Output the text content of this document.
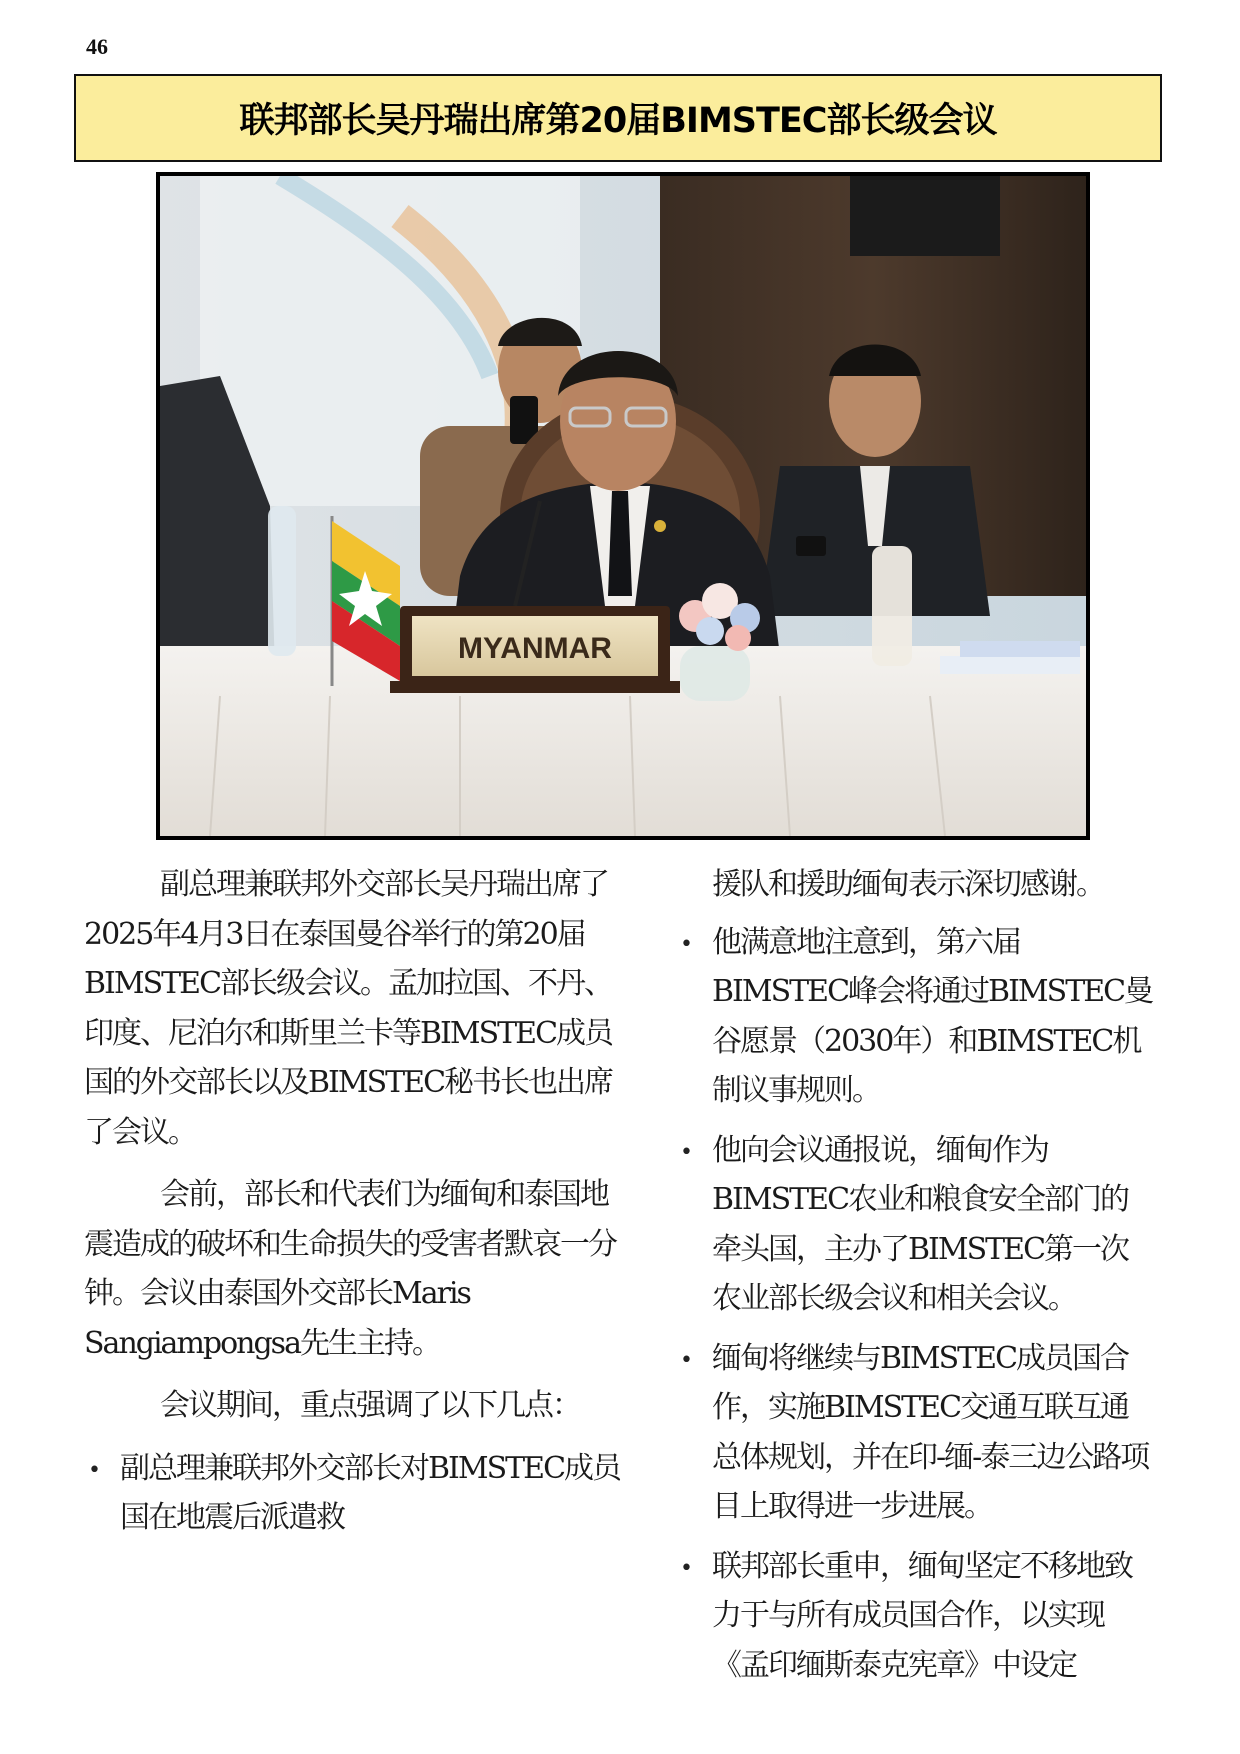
46
联邦部长吴丹瑞出席第20届BIMSTEC部长级会议
MYANMAR

副总理兼联邦外交部长吴丹瑞出席了2025年4月3日在泰国曼谷举行的第20届BIMSTEC部长级会议。孟加拉国、不丹、印度、尼泊尔和斯里兰卡等BIMSTEC成员国的外交部长以及BIMSTEC秘书长也出席了会议。

会前，部长和代表们为缅甸和泰国地震造成的破坏和生命损失的受害者默哀一分钟。会议由泰国外交部长Maris Sangiampongsa先生主持。

会议期间，重点强调了以下几点：

• 副总理兼联邦外交部长对BIMSTEC成员国在地震后派遣救
援队和援助缅甸表示深切感谢。
• 他满意地注意到，第六届BIMSTEC峰会将通过BIMSTEC曼谷愿景（2030年）和BIMSTEC机制议事规则。
• 他向会议通报说，缅甸作为BIMSTEC农业和粮食安全部门的牵头国，主办了BIMSTEC第一次农业部长级会议和相关会议。
• 缅甸将继续与BIMSTEC成员国合作，实施BIMSTEC交通互联互通总体规划，并在印-缅-泰三边公路项目上取得进一步进展。
• 联邦部长重申，缅甸坚定不移地致力于与所有成员国合作，以实现《孟印缅斯泰克宪章》中设定
